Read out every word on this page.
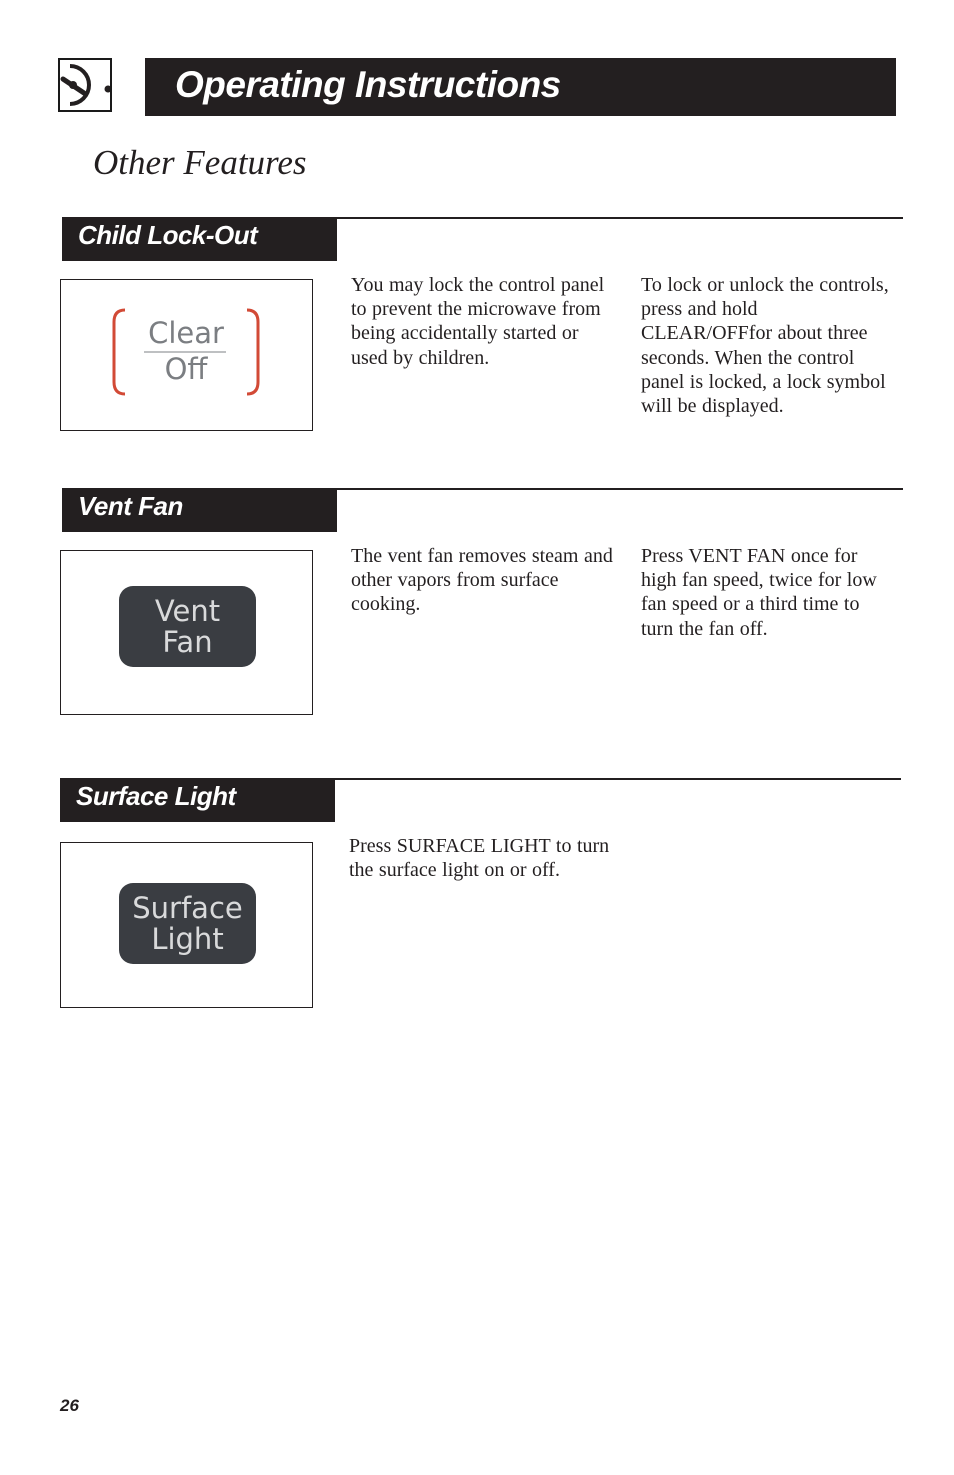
Operating Instructions
Other Features
Child Lock-Out
Clear
Off

You may lock the control panel to prevent the microwave from being accidentally started or used by children.

To lock or unlock the controls, press and hold CLEAR/OFFfor about three seconds. When the control panel is locked, a lock symbol will be displayed.

Vent Fan
Vent
Fan

The vent fan removes steam and other vapors from surface cooking.

Press VENT FAN once for high fan speed, twice for low fan speed or a third time to turn the fan off.

Surface Light
Surface
Light

Press SURFACE LIGHT to turn the surface light on or off.

26
